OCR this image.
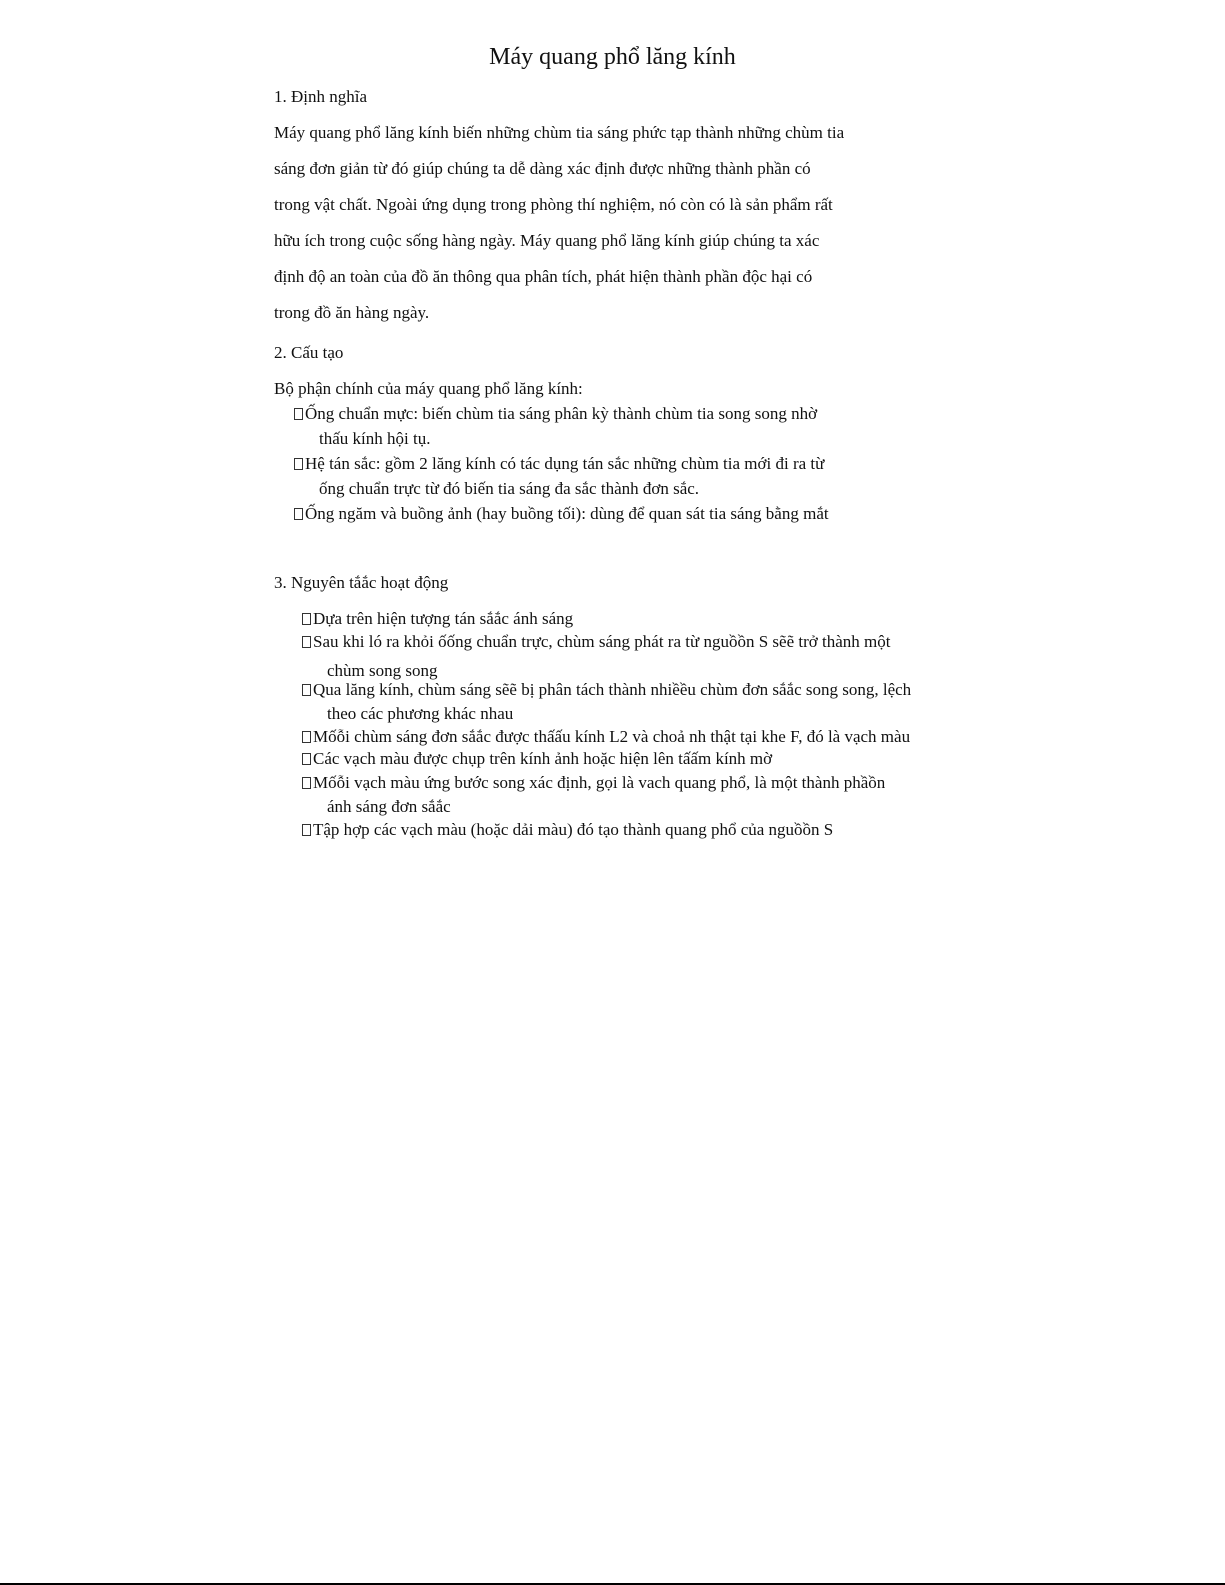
Máy quang phổ lăng kính
1. Định nghĩa
Máy quang phổ lăng kính biến những chùm tia sáng phức tạp thành những chùm tia
sáng đơn giản từ đó giúp chúng ta dễ dàng xác định được những thành phần có
trong vật chất. Ngoài ứng dụng trong phòng thí nghiệm, nó còn có là sản phẩm rất
hữu ích trong cuộc sống hàng ngày. Máy quang phổ lăng kính giúp chúng ta xác
định độ an toàn của đồ ăn thông qua phân tích, phát hiện thành phần độc hại có
trong đồ ăn hàng ngày.
2. Cấu tạo
Bộ phận chính của máy quang phổ lăng kính:
Ống chuẩn mực: biến chùm tia sáng phân kỳ thành chùm tia song song nhờ
thấu kính hội tụ.
Hệ tán sắc: gồm 2 lăng kính có tác dụng tán sắc những chùm tia mới đi ra từ
ống chuẩn trực từ đó biến tia sáng đa sắc thành đơn sắc.
Ống ngăm và buồng ảnh (hay buồng tối): dùng để quan sát tia sáng bằng mắt
3. Nguyên tắắc hoạt động
Dựa trên hiện tượng tán sắắc ánh sáng
Sau khi ló ra khỏi ốống chuẩn trực, chùm sáng phát ra từ nguồồn S sẽẽ trở thành một
chùm song song
Qua lăng kính, chùm sáng sẽẽ bị phân tách thành nhiềều chùm đơn sắắc song song, lệch
theo các phương khác nhau
Mốỗi chùm sáng đơn sắắc được thấấu kính L2 và choả nh thật tại khe F, đó là vạch màu
Các vạch màu được chụp trên kính ảnh hoặc hiện lên tấấm kính mờ
Mốỗi vạch màu ứng bước song xác định, gọi là vach quang phổ, là một thành phầồn
ánh sáng đơn sắắc
Tập hợp các vạch màu (hoặc dải màu) đó tạo thành quang phổ của nguồồn S
